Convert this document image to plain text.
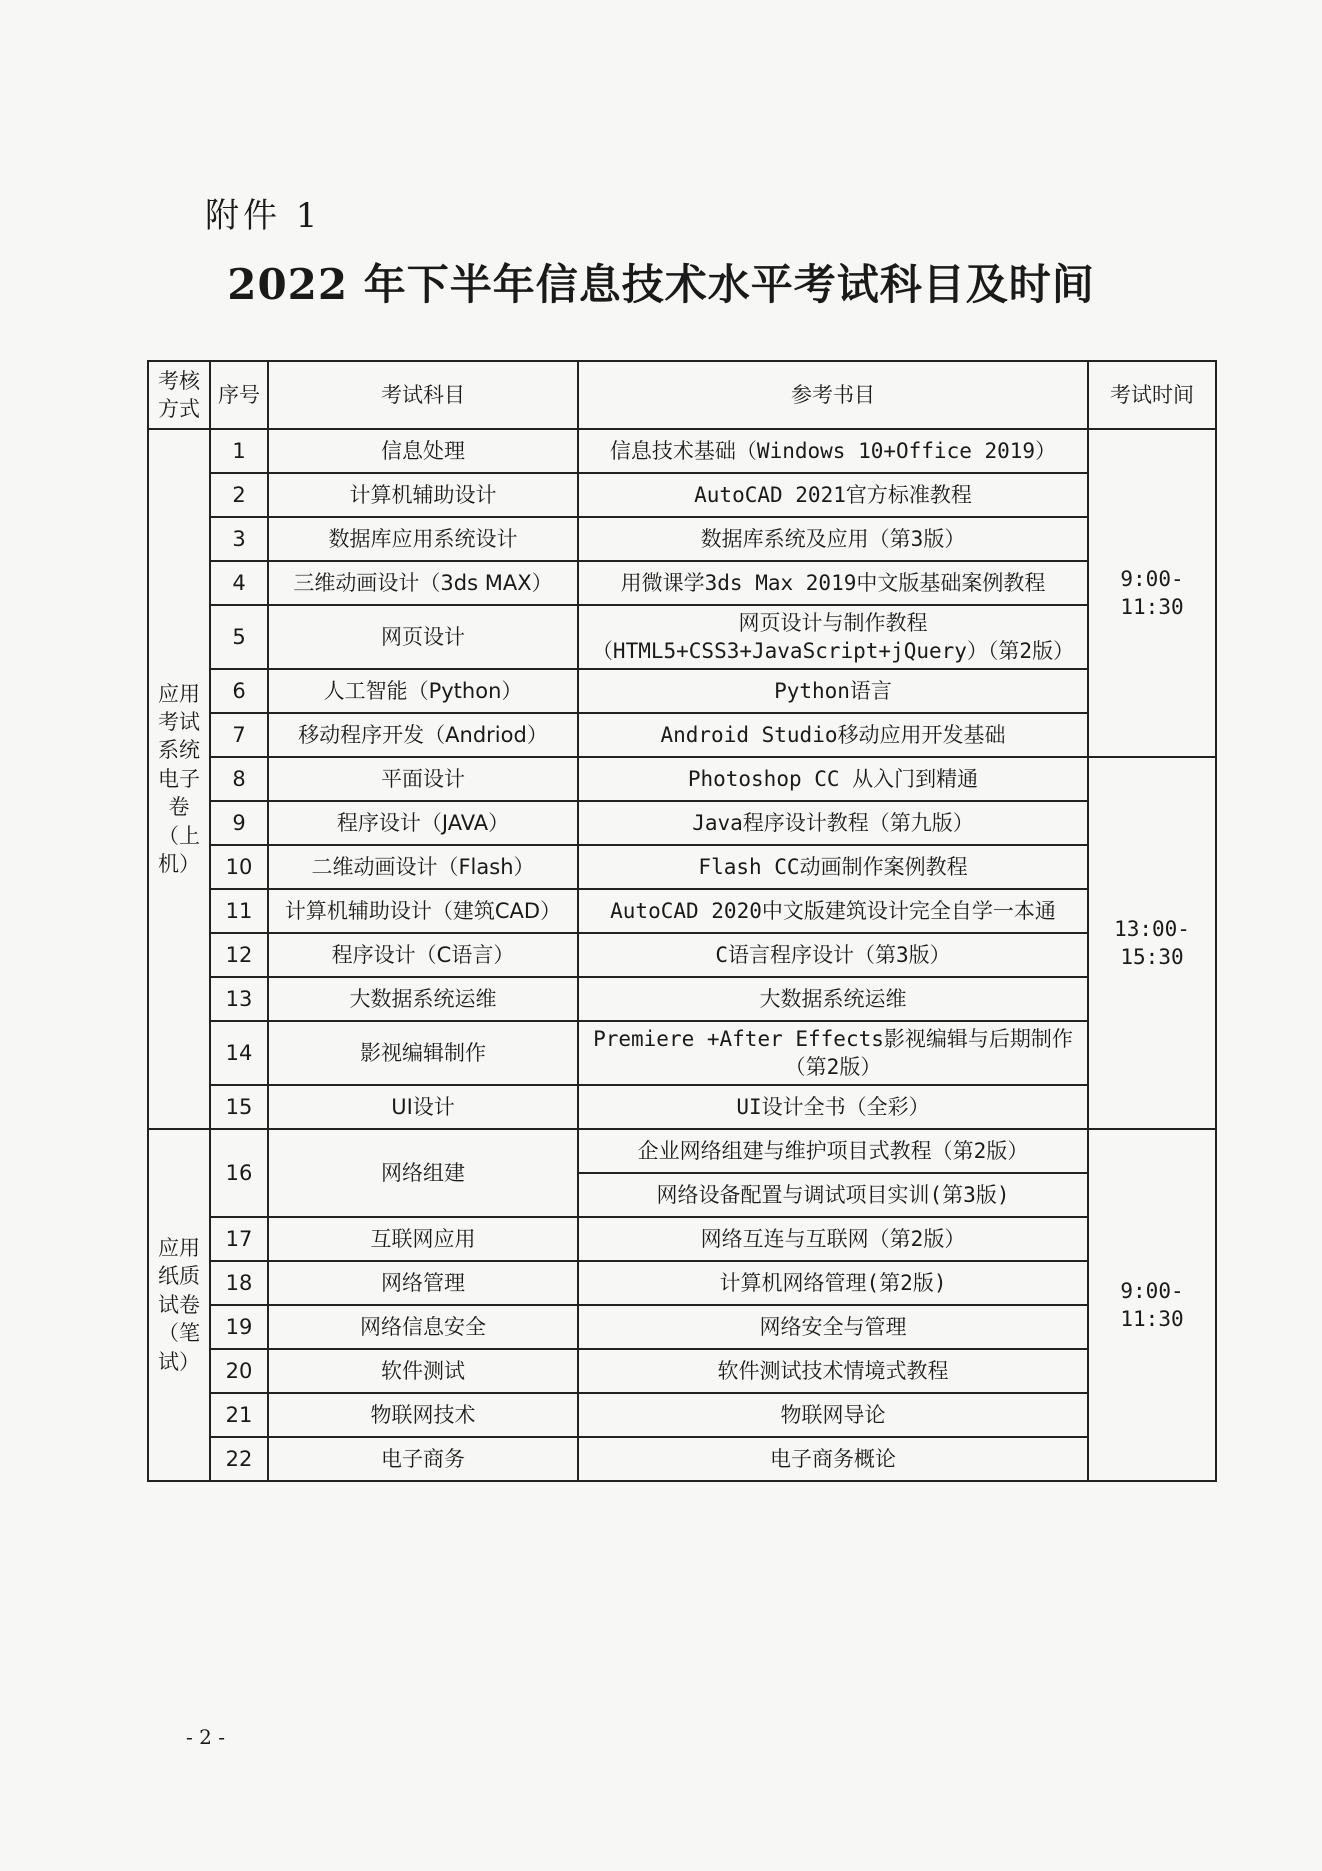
附件 1
2022 年下半年信息技术水平考试科目及时间
考核方式	序号	考试科目	参考书目	考试时间
应用考试系统电子卷（上机）	1	信息处理	信息技术基础（Windows 10+Office 2019）	9:00-11:30
	2	计算机辅助设计	AutoCAD 2021官方标准教程	
	3	数据库应用系统设计	数据库系统及应用（第3版）	
	4	三维动画设计（3ds MAX）	用微课学3ds Max 2019中文版基础案例教程	
	5	网页设计	网页设计与制作教程（HTML5+CSS3+JavaScript+jQuery）（第2版）	
	6	人工智能（Python）	Python语言	
	7	移动程序开发（Andriod）	Android Studio移动应用开发基础	
	8	平面设计	Photoshop CC 从入门到精通	13:00-15:30
	9	程序设计（JAVA）	Java程序设计教程（第九版）	
	10	二维动画设计（Flash）	Flash CC动画制作案例教程	
	11	计算机辅助设计（建筑CAD）	AutoCAD 2020中文版建筑设计完全自学一本通	
	12	程序设计（C语言）	C语言程序设计（第3版）	
	13	大数据系统运维	大数据系统运维	
	14	影视编辑制作	Premiere +After Effects影视编辑与后期制作（第2版）	
	15	UI设计	UI设计全书（全彩）	
应用纸质试卷（笔试）	16	网络组建	企业网络组建与维护项目式教程（第2版）	9:00-11:30
			网络设备配置与调试项目实训(第3版)	
	17	互联网应用	网络互连与互联网（第2版）	
	18	网络管理	计算机网络管理(第2版)	
	19	网络信息安全	网络安全与管理	
	20	软件测试	软件测试技术情境式教程	
	21	物联网技术	物联网导论	
	22	电子商务	电子商务概论	
- 2 -
